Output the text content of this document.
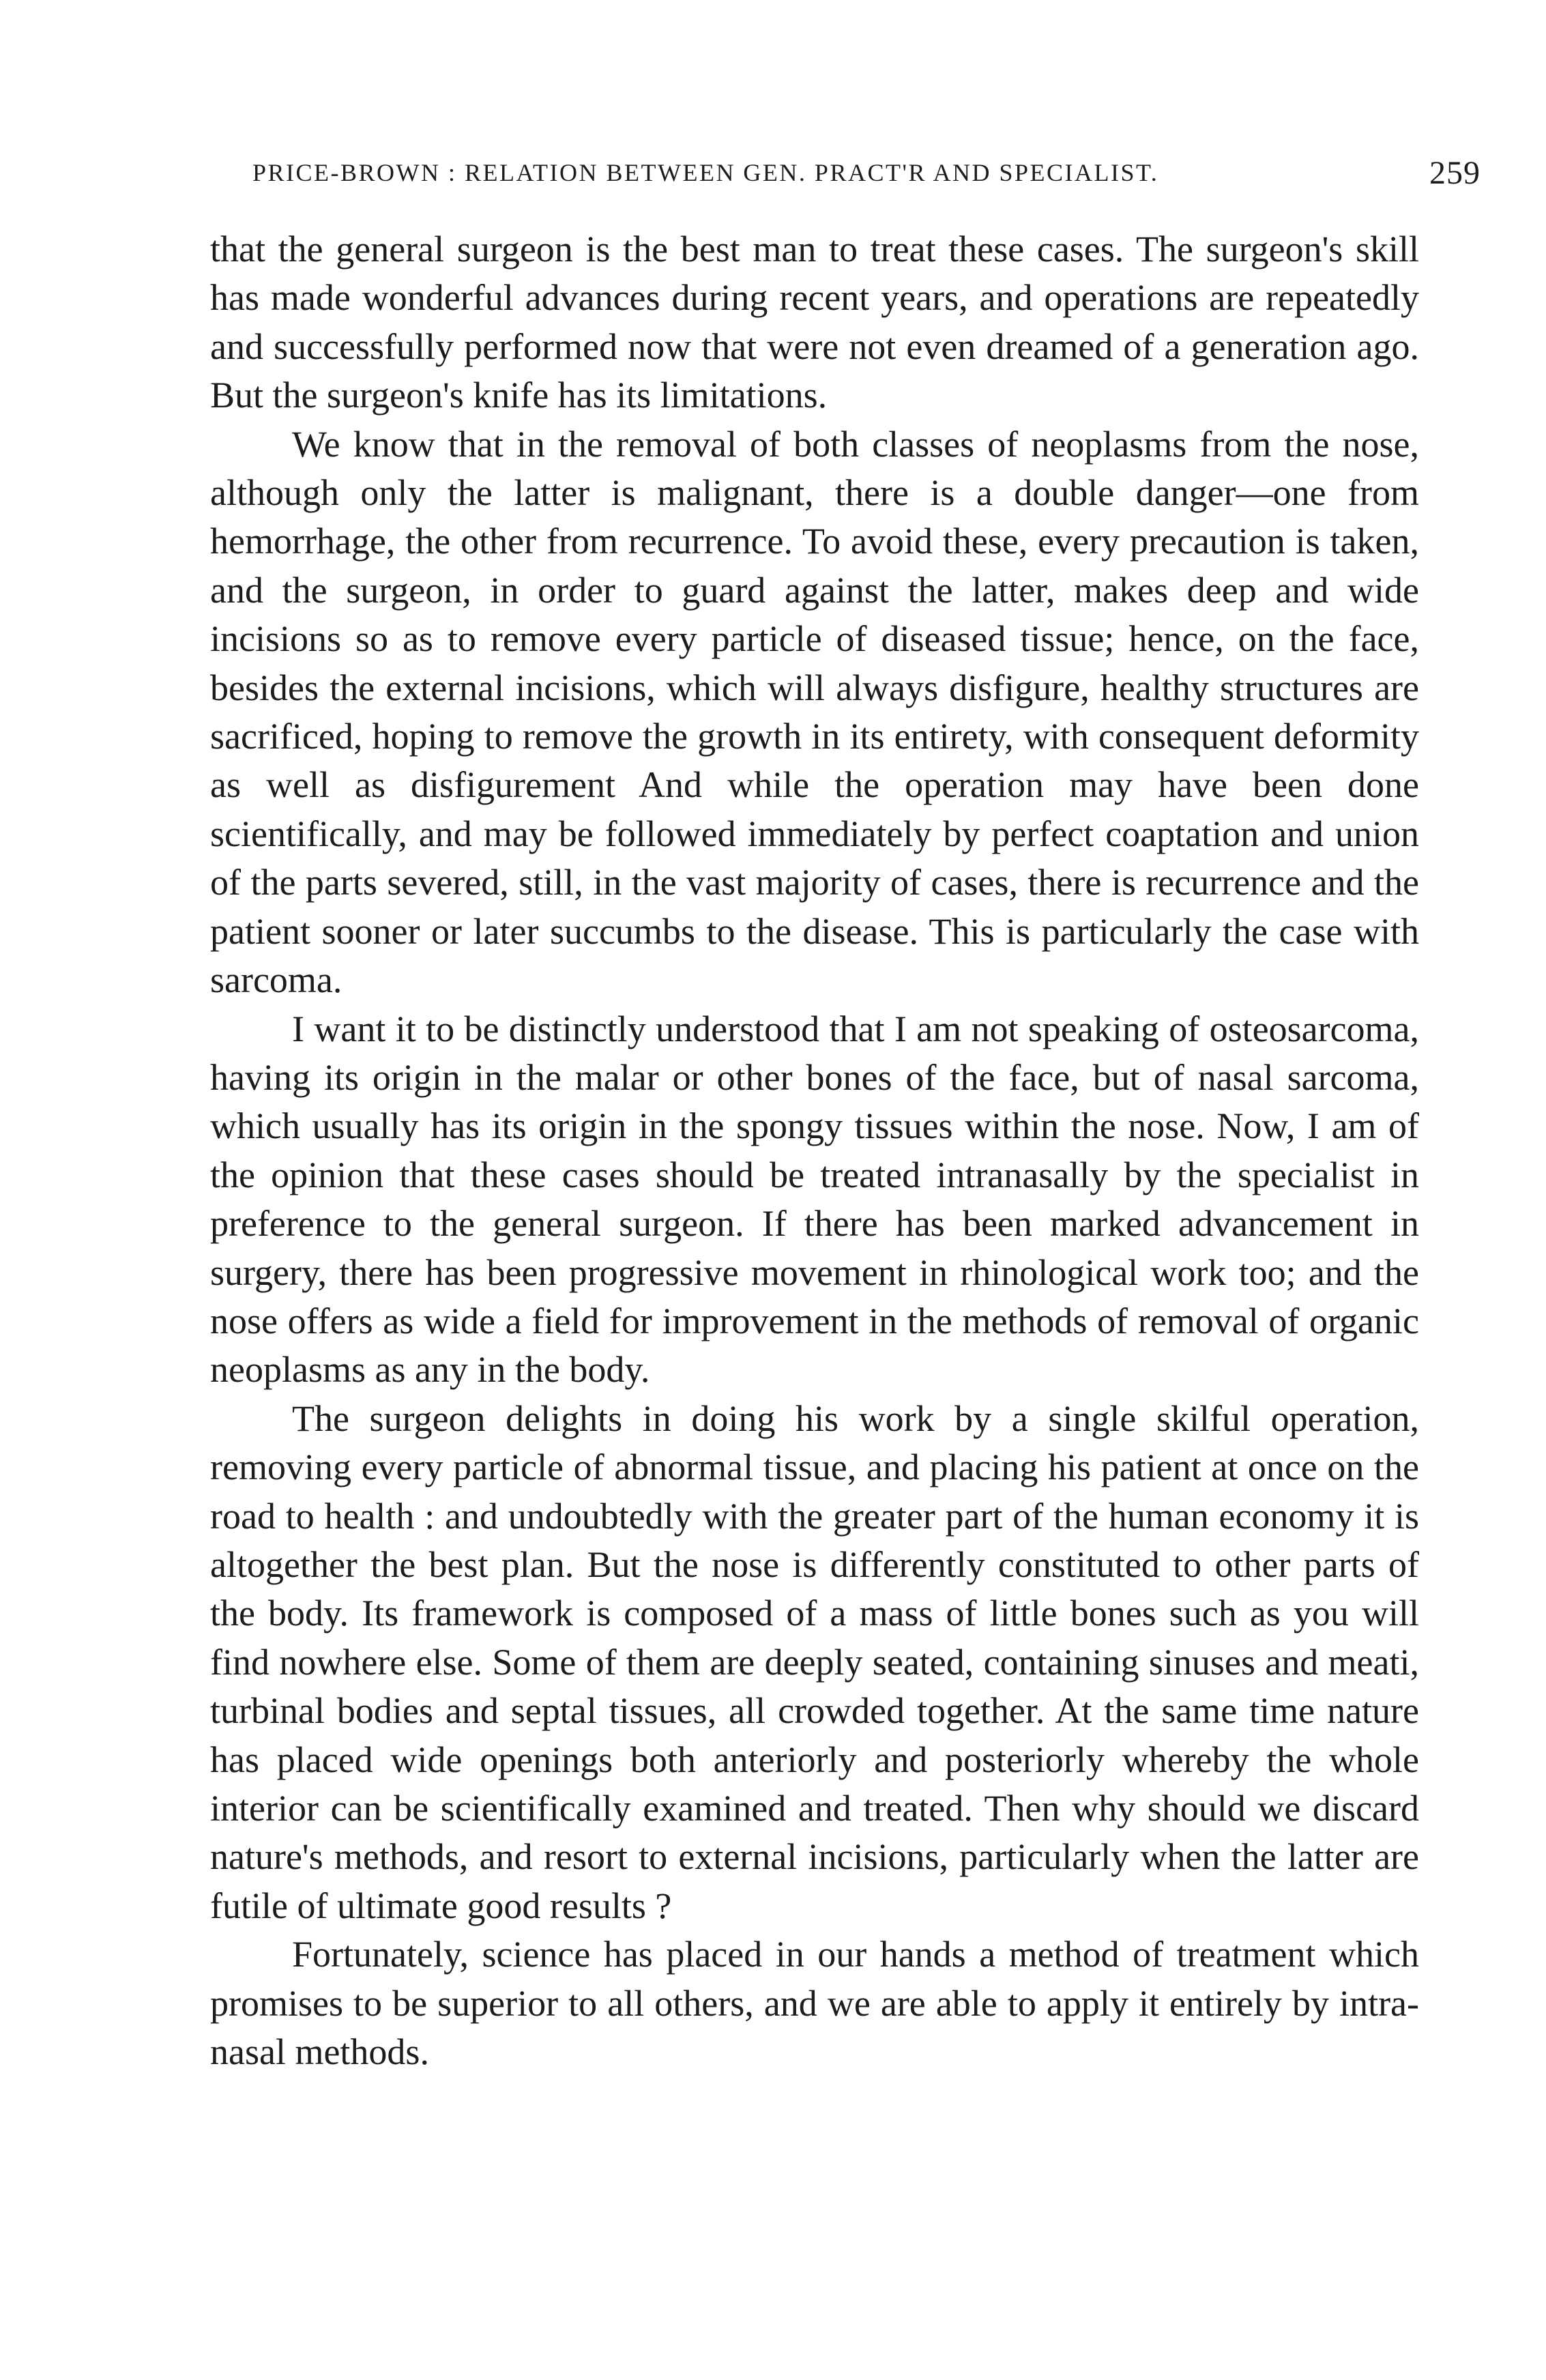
PRICE-BROWN : RELATION BETWEEN GEN. PRACT'R AND SPECIALIST.	259

that the general surgeon is the best man to treat these cases. The surgeon's skill has made wonderful advances during recent years, and operations are repeatedly and successfully performed now that were not even dreamed of a generation ago. But the surgeon's knife has its limitations.

We know that in the removal of both classes of neoplasms from the nose, although only the latter is malignant, there is a double danger—one from hemorrhage, the other from recurrence. To avoid these, every precaution is taken, and the surgeon, in order to guard against the latter, makes deep and wide incisions so as to remove every particle of diseased tissue; hence, on the face, besides the external incisions, which will always disfigure, healthy structures are sacrificed, hoping to remove the growth in its entirety, with consequent deformity as well as disfigurement And while the operation may have been done scientifically, and may be followed immediately by perfect coaptation and union of the parts severed, still, in the vast majority of cases, there is recurrence and the patient sooner or later succumbs to the disease. This is particularly the case with sarcoma.

I want it to be distinctly understood that I am not speaking of osteosarcoma, having its origin in the malar or other bones of the face, but of nasal sarcoma, which usually has its origin in the spongy tissues within the nose. Now, I am of the opinion that these cases should be treated intranasally by the specialist in preference to the general surgeon. If there has been marked advancement in surgery, there has been progressive movement in rhinological work too; and the nose offers as wide a field for improvement in the methods of removal of organic neoplasms as any in the body.

The surgeon delights in doing his work by a single skilful operation, removing every particle of abnormal tissue, and placing his patient at once on the road to health : and undoubtedly with the greater part of the human economy it is altogether the best plan. But the nose is differently constituted to other parts of the body. Its framework is composed of a mass of little bones such as you will find nowhere else. Some of them are deeply seated, containing sinuses and meati, turbinal bodies and septal tissues, all crowded together. At the same time nature has placed wide openings both anteriorly and posteriorly whereby the whole interior can be scientifically examined and treated. Then why should we discard nature's methods, and resort to external incisions, particularly when the latter are futile of ultimate good results ?

Fortunately, science has placed in our hands a method of treatment which promises to be superior to all others, and we are able to apply it entirely by intra-nasal methods.
